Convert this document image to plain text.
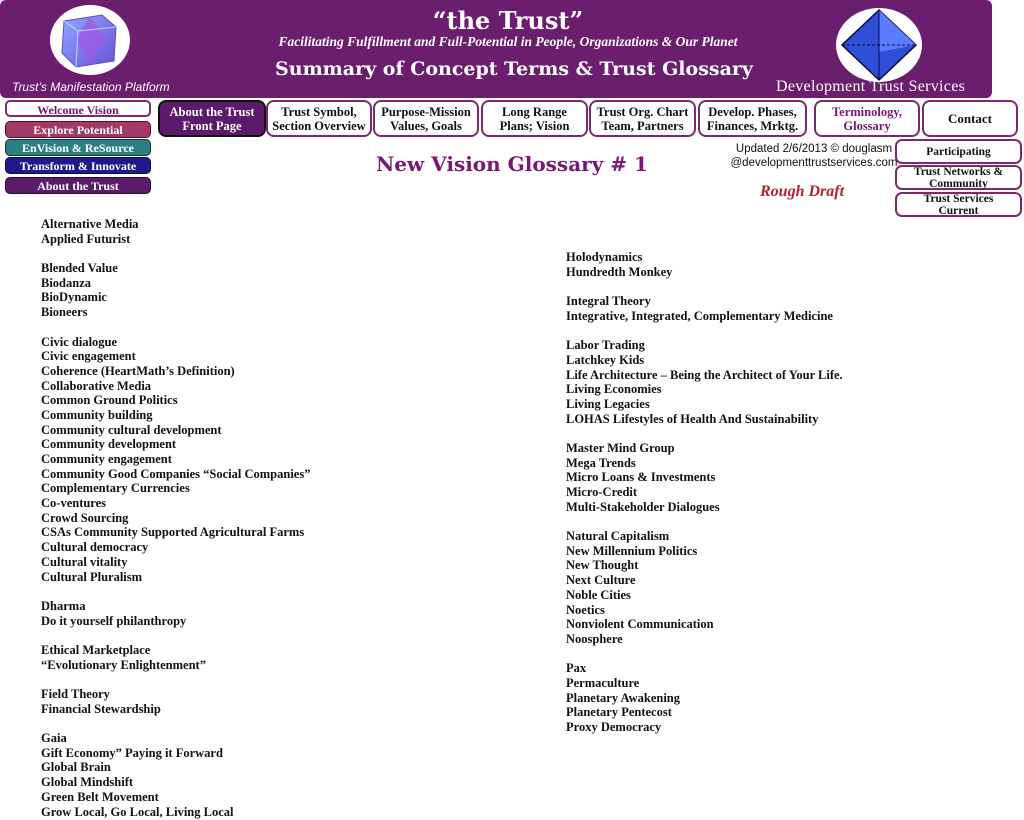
“the Trust”
Facilitating Fulfillment and Full-Potential in People, Organizations & Our Planet
Summary of Concept Terms & Trust Glossary
Trust’s Manifestation Platform	Development Trust Services
Welcome Vision
Explore Potential
EnVision & ReSource
Transform & Innovate
About the Trust
About the Trust
Front Page
Trust Symbol,
Section Overview
Purpose-Mission
Values, Goals
Long Range
Plans; Vision
Trust Org. Chart
Team, Partners
Develop. Phases,
Finances, Mrktg.
Terminology,
Glossary	Contact
Participating
Trust Networks &
Community
Trust Services
Current
New Vision Glossary # 1
Updated 2/6/2013 © douglasm
@developmenttrustservices.com
Rough Draft
Alternative Media
Applied Futurist
Blended Value
Biodanza
BioDynamic
Bioneers
Civic dialogue
Civic engagement
Coherence (HeartMath’s Definition)
Collaborative Media
Common Ground Politics
Community building
Community cultural development
Community development
Community engagement
Community Good Companies “Social Companies”
Complementary Currencies
Co-ventures
Crowd Sourcing
CSAs Community Supported Agricultural Farms
Cultural democracy
Cultural vitality
Cultural Pluralism
Dharma
Do it yourself philanthropy
Ethical Marketplace
“Evolutionary Enlightenment”
Field Theory
Financial Stewardship
Gaia
Gift Economy” Paying it Forward
Global Brain
Global Mindshift
Green Belt Movement
Grow Local, Go Local, Living Local
Holodynamics
Hundredth Monkey
Integral Theory
Integrative, Integrated, Complementary Medicine
Labor Trading
Latchkey Kids
Life Architecture – Being the Architect of Your Life.
Living Economies
Living Legacies
LOHAS Lifestyles of Health And Sustainability
Master Mind Group
Mega Trends
Micro Loans & Investments
Micro-Credit
Multi-Stakeholder Dialogues
Natural Capitalism
New Millennium Politics
New Thought
Next Culture
Noble Cities
Noetics
Nonviolent Communication
Noosphere
Pax
Permaculture
Planetary Awakening
Planetary Pentecost
Proxy Democracy
